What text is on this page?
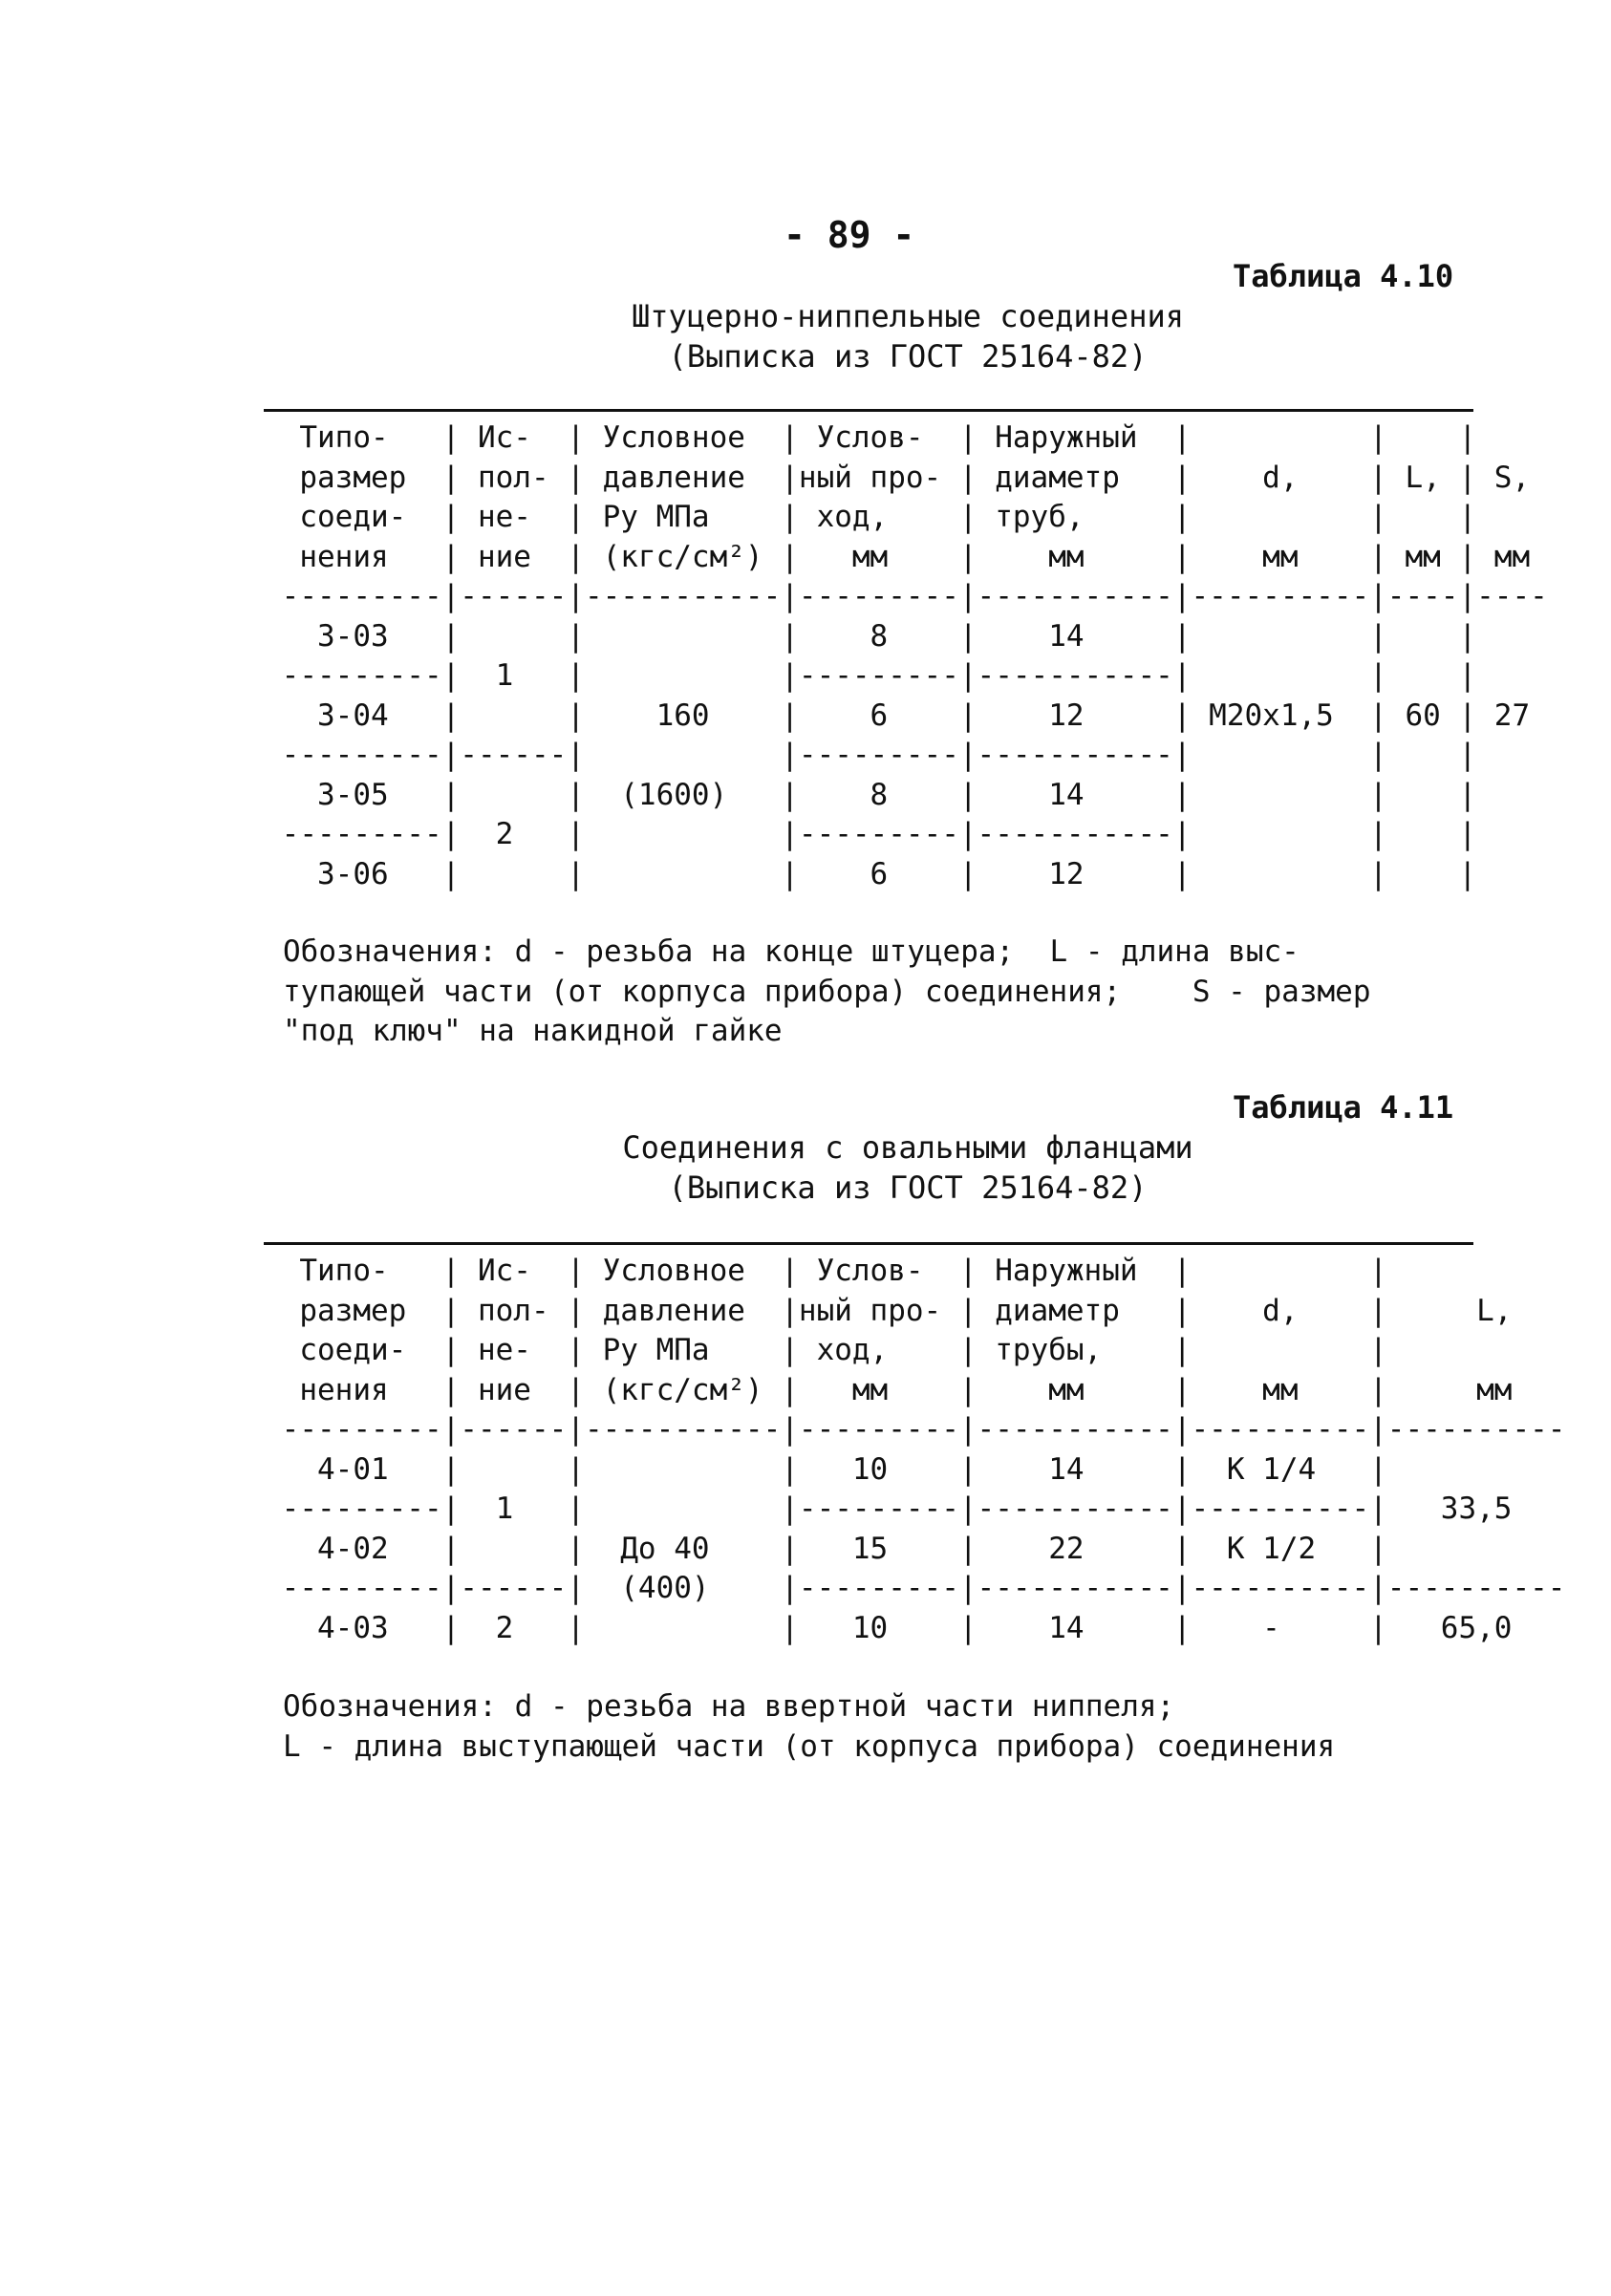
- 89 -
Таблица 4.10
Штуцерно-ниппельные соединения
(Выписка из ГОСТ 25164-82)
Типо-   | Ис-  | Условное  | Услов-  | Наружный  |          |    |
размер  | пол- | давление  |ный про- | диаметр   |    d,    | L, | S,
соеди-  | не-  | Ру МПа    | ход,    | труб,     |          |    |
нения   | ние  | (кгс/см²) |   мм    |    мм     |    мм    | мм | мм
---------|------|-----------|---------|-----------|----------|----|----
3-03   |      |           |    8    |    14     |          |    |
---------|  1   |           |---------|-----------|          |    |
3-04   |      |    160    |    6    |    12     | М20х1,5  | 60 | 27
---------|------|           |---------|-----------|          |    |
3-05   |      |  (1600)   |    8    |    14     |          |    |
---------|  2   |           |---------|-----------|          |    |
3-06   |      |           |    6    |    12     |          |    |
Обозначения: d - резьба на конце штуцера;  L - длина выс-
тупающей части (от корпуса прибора) соединения;    S - размер
"под ключ" на накидной гайке
Таблица 4.11
Соединения с овальными фланцами
(Выписка из ГОСТ 25164-82)
Типо-   | Ис-  | Условное  | Услов-  | Наружный  |          |
размер  | пол- | давление  |ный про- | диаметр   |    d,    |     L,
соеди-  | не-  | Ру МПа    | ход,    | трубы,    |          |
нения   | ние  | (кгс/см²) |   мм    |    мм     |    мм    |     мм
---------|------|-----------|---------|-----------|----------|----------
4-01   |      |           |   10    |    14     |  К 1/4   |
---------|  1   |           |---------|-----------|----------|   33,5
4-02   |      |  До 40    |   15    |    22     |  К 1/2   |
---------|------|  (400)    |---------|-----------|----------|----------
4-03   |  2   |           |   10    |    14     |    -     |   65,0
Обозначения: d - резьба на ввертной части ниппеля;
L - длина выступающей части (от корпуса прибора) соединения
